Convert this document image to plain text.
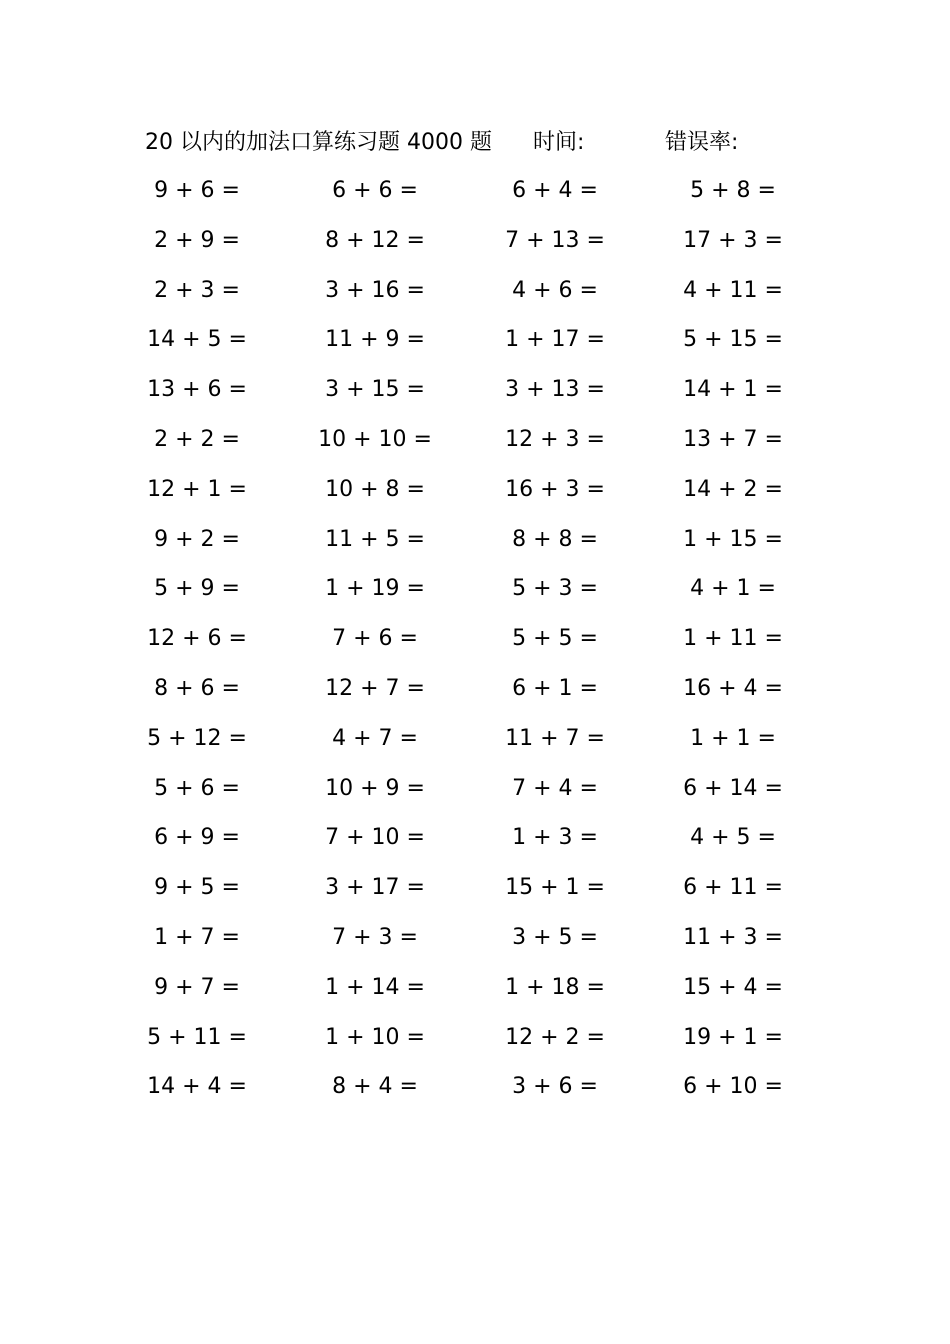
20 以内的加法口算练习题 4000 题 时间:	错误率:
9 + 6 =	6 + 6 =	6 + 4 =	5 + 8 =
2 + 9 =	8 + 12 =	7 + 13 =	17 + 3 =
2 + 3 =	3 + 16 =	4 + 6 =	4 + 11 =
14 + 5 =	11 + 9 =	1 + 17 =	5 + 15 =
13 + 6 =	3 + 15 =	3 + 13 =	14 + 1 =
2 + 2 =	10 + 10 =	12 + 3 =	13 + 7 =
12 + 1 =	10 + 8 =	16 + 3 =	14 + 2 =
9 + 2 =	11 + 5 =	8 + 8 =	1 + 15 =
5 + 9 =	1 + 19 =	5 + 3 =	4 + 1 =
12 + 6 =	7 + 6 =	5 + 5 =	1 + 11 =
8 + 6 =	12 + 7 =	6 + 1 =	16 + 4 =
5 + 12 =	4 + 7 =	11 + 7 =	1 + 1 =
5 + 6 =	10 + 9 =	7 + 4 =	6 + 14 =
6 + 9 =	7 + 10 =	1 + 3 =	4 + 5 =
9 + 5 =	3 + 17 =	15 + 1 =	6 + 11 =
1 + 7 =	7 + 3 =	3 + 5 =	11 + 3 =
9 + 7 =	1 + 14 =	1 + 18 =	15 + 4 =
5 + 11 =	1 + 10 =	12 + 2 =	19 + 1 =
14 + 4 =	8 + 4 =	3 + 6 =	6 + 10 =
